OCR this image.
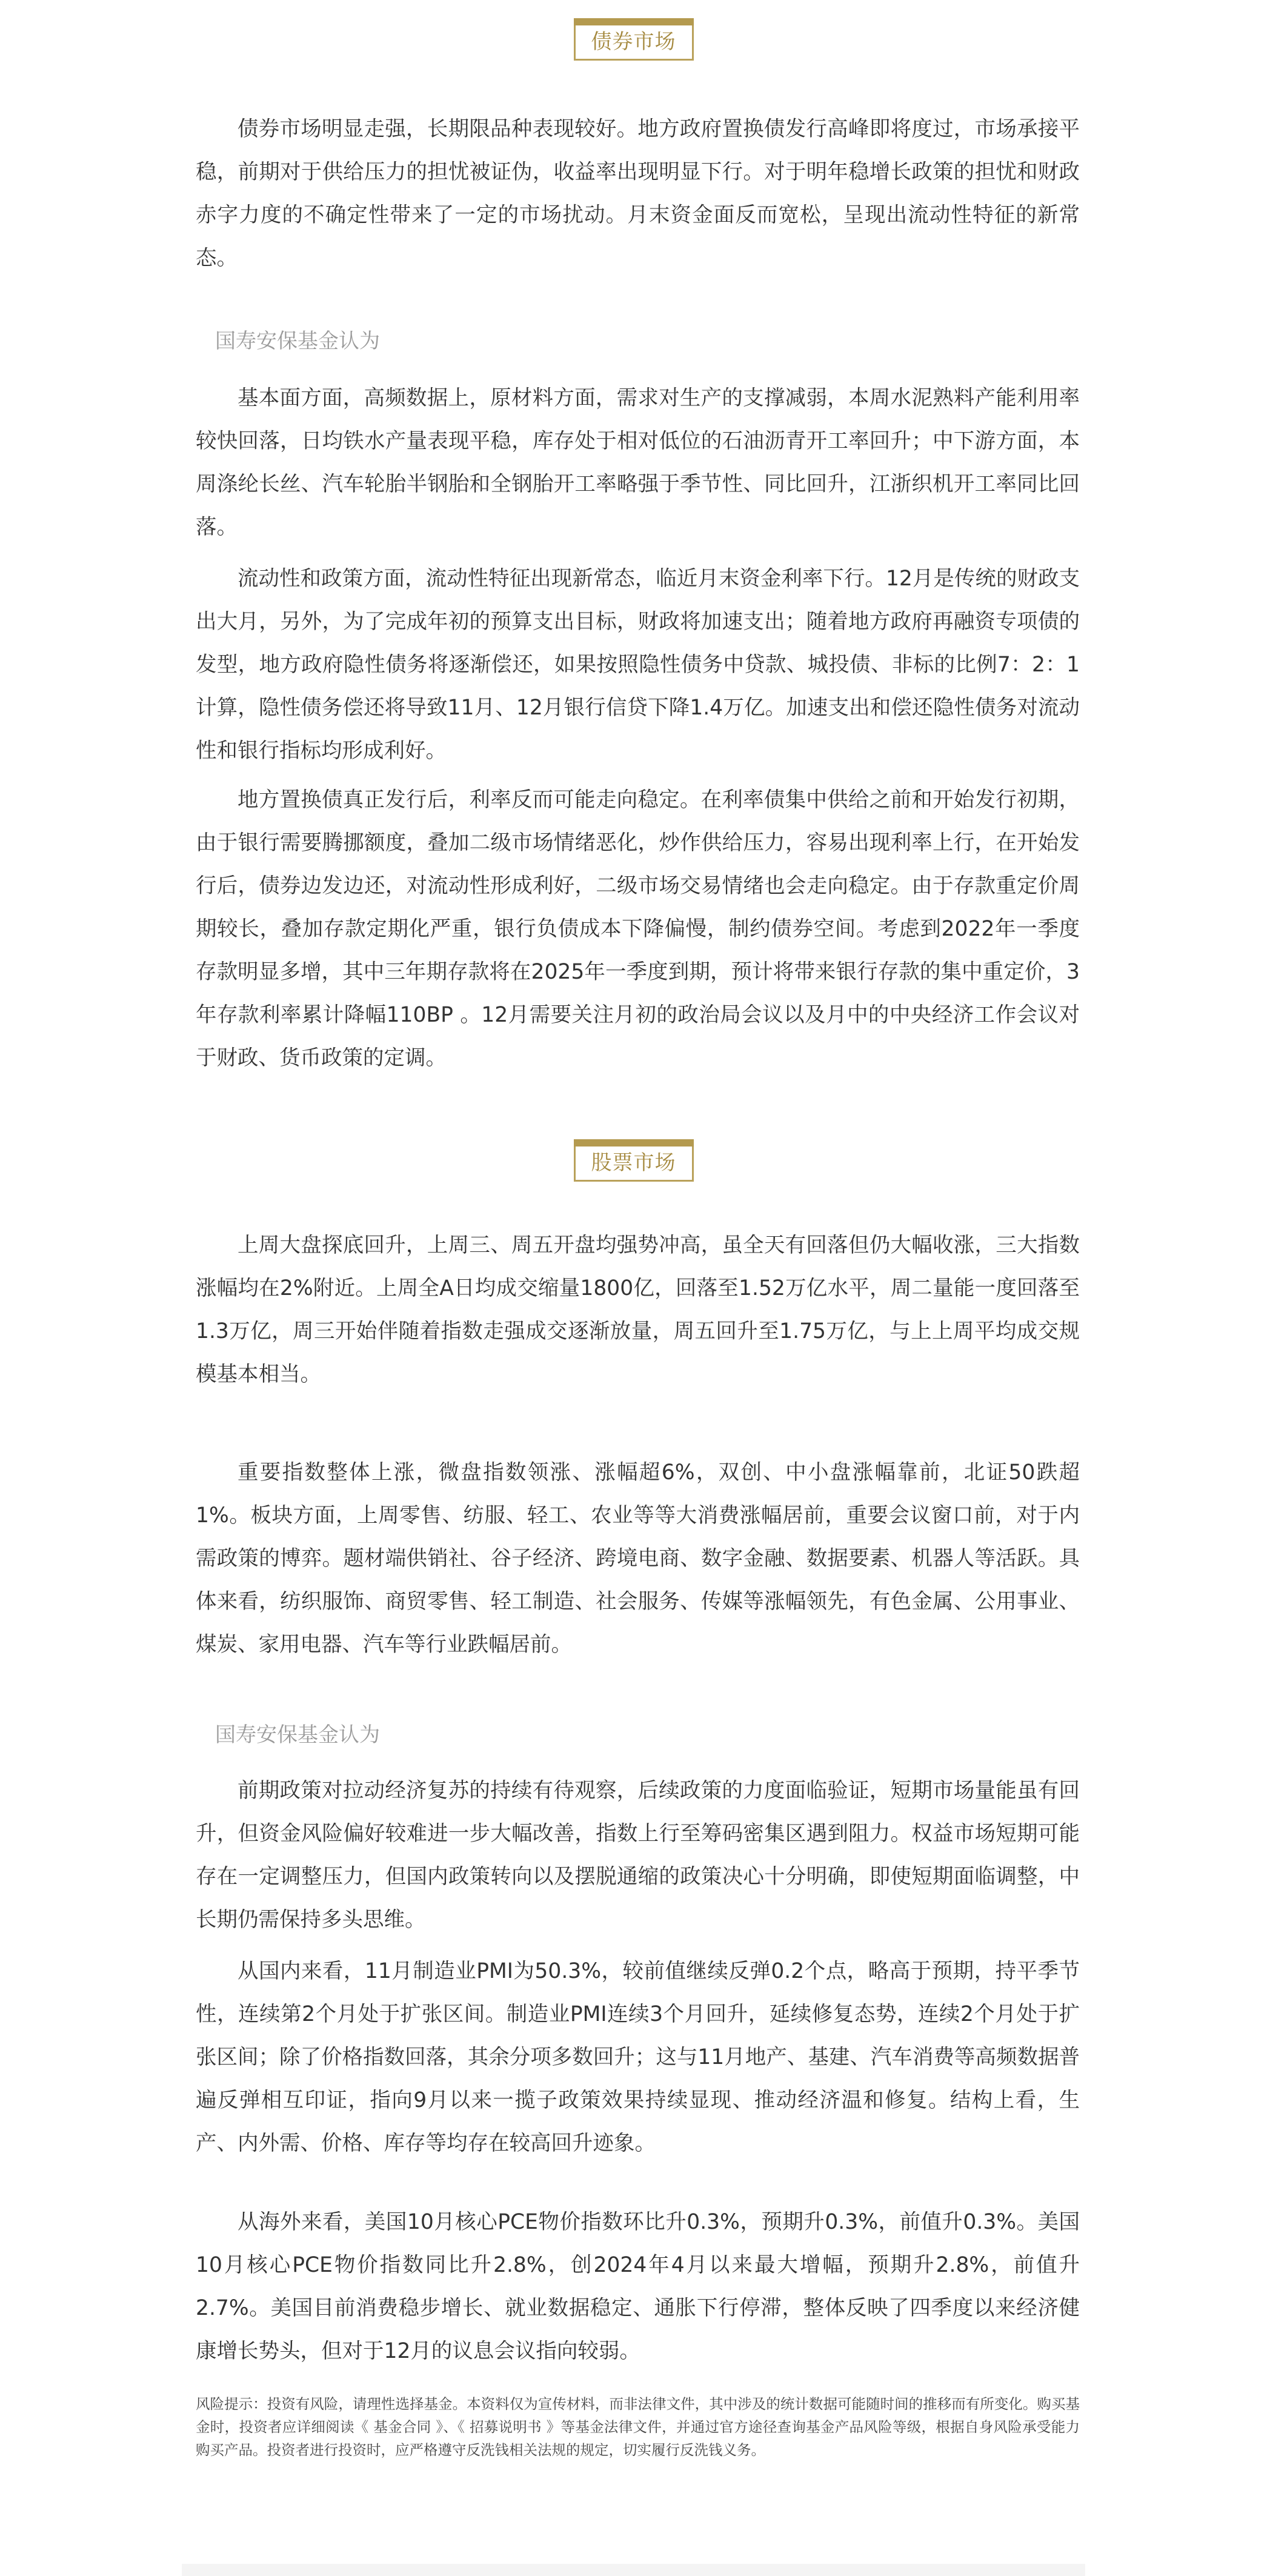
债券市场

债券市场明显走强，长期限品种表现较好。地方政府置换债发行高峰即将度过，市场承接平稳，前期对于供给压力的担忧被证伪，收益率出现明显下行。对于明年稳增长政策的担忧和财政赤字力度的不确定性带来了一定的市场扰动。月末资金面反而宽松，呈现出流动性特征的新常态。

国寿安保基金认为

基本面方面，高频数据上，原材料方面，需求对生产的支撑减弱，本周水泥熟料产能利用率较快回落，日均铁水产量表现平稳，库存处于相对低位的石油沥青开工率回升；中下游方面，本周涤纶长丝、汽车轮胎半钢胎和全钢胎开工率略强于季节性、同比回升，江浙织机开工率同比回落。

流动性和政策方面，流动性特征出现新常态，临近月末资金利率下行。12月是传统的财政支出大月，另外，为了完成年初的预算支出目标，财政将加速支出；随着地方政府再融资专项债的发型，地方政府隐性债务将逐渐偿还，如果按照隐性债务中贷款、城投债、非标的比例7：2：1计算，隐性债务偿还将导致11月、12月银行信贷下降1.4万亿。加速支出和偿还隐性债务对流动性和银行指标均形成利好。

地方置换债真正发行后，利率反而可能走向稳定。在利率债集中供给之前和开始发行初期，由于银行需要腾挪额度，叠加二级市场情绪恶化，炒作供给压力，容易出现利率上行，在开始发行后，债券边发边还，对流动性形成利好，二级市场交易情绪也会走向稳定。由于存款重定价周期较长，叠加存款定期化严重，银行负债成本下降偏慢，制约债券空间。考虑到2022年一季度存款明显多增，其中三年期存款将在2025年一季度到期，预计将带来银行存款的集中重定价，3年存款利率累计降幅110BP 。12月需要关注月初的政治局会议以及月中的中央经济工作会议对于财政、货币政策的定调。

股票市场

上周大盘探底回升，上周三、周五开盘均强势冲高，虽全天有回落但仍大幅收涨，三大指数涨幅均在2%附近。上周全A日均成交缩量1800亿，回落至1.52万亿水平，周二量能一度回落至1.3万亿，周三开始伴随着指数走强成交逐渐放量，周五回升至1.75万亿，与上上周平均成交规模基本相当。

重要指数整体上涨，微盘指数领涨、涨幅超6%，双创、中小盘涨幅靠前，北证50跌超1%。板块方面，上周零售、纺服、轻工、农业等等大消费涨幅居前，重要会议窗口前，对于内需政策的博弈。题材端供销社、谷子经济、跨境电商、数字金融、数据要素、机器人等活跃。具体来看，纺织服饰、商贸零售、轻工制造、社会服务、传媒等涨幅领先，有色金属、公用事业、煤炭、家用电器、汽车等行业跌幅居前。

国寿安保基金认为

前期政策对拉动经济复苏的持续有待观察，后续政策的力度面临验证，短期市场量能虽有回升，但资金风险偏好较难进一步大幅改善，指数上行至筹码密集区遇到阻力。权益市场短期可能存在一定调整压力，但国内政策转向以及摆脱通缩的政策决心十分明确，即使短期面临调整，中长期仍需保持多头思维。

从国内来看，11月制造业PMI为50.3%，较前值继续反弹0.2个点，略高于预期，持平季节性，连续第2个月处于扩张区间。制造业PMI连续3个月回升，延续修复态势，连续2个月处于扩张区间；除了价格指数回落，其余分项多数回升；这与11月地产、基建、汽车消费等高频数据普遍反弹相互印证，指向9月以来一揽子政策效果持续显现、推动经济温和修复。结构上看，生产、内外需、价格、库存等均存在较高回升迹象。

从海外来看，美国10月核心PCE物价指数环比升0.3%，预期升0.3%，前值升0.3%。美国10月核心PCE物价指数同比升2.8%，创2024年4月以来最大增幅，预期升2.8%，前值升2.7%。美国目前消费稳步增长、就业数据稳定、通胀下行停滞，整体反映了四季度以来经济健康增长势头，但对于12月的议息会议指向较弱。

风险提示：投资有风险，请理性选择基金。本资料仅为宣传材料，而非法律文件，其中涉及的统计数据可能随时间的推移而有所变化。购买基金时，投资者应详细阅读《 基金合同 》、《 招募说明书 》等基金法律文件，并通过官方途径查询基金产品风险等级，根据自身风险承受能力购买产品。投资者进行投资时，应严格遵守反洗钱相关法规的规定，切实履行反洗钱义务。
